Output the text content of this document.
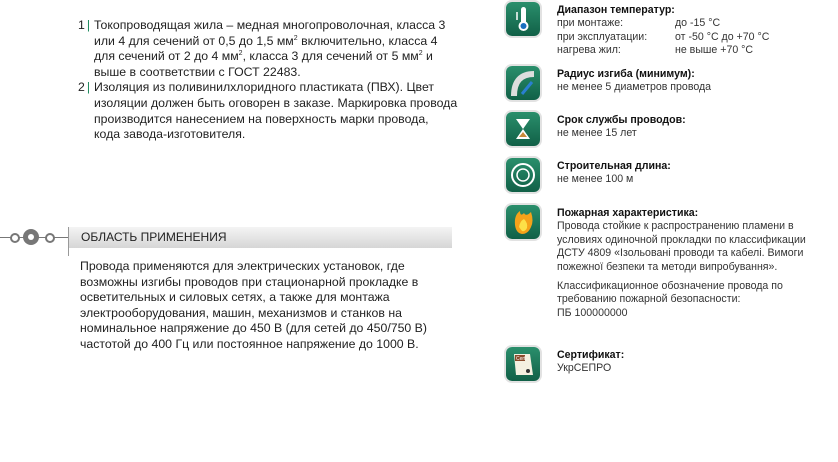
1 | Токопроводящая жила – медная многопроволочная, класса 3 или 4 для сечений от 0,5 до 1,5 $мм^2$ включительно, класса 4 для сечений от 2 до 4 $мм^2$, класса 3 для сечений от 5 $мм^2$ и выше в соответствии с ГОСТ 22483.
2 | Изоляция из поливинилхлоридного пластиката (ПВХ). Цвет изоляции должен быть оговорен в заказе. Маркировка провода производится нанесением на поверхность марки провода, кода завода-изготовителя.
ОБЛАСТЬ ПРИМЕНЕНИЯ
Провода применяются для электрических установок, где возможны изгибы проводов при стационарной прокладке в осветительных и силовых сетях, а также для монтажа электрооборудования, машин, механизмов и станков на номинальное напряжение до 450 В (для сетей до 450/750 В) частотой до 400 Гц или постоянное напряжение до 1000 В.
Диапазон температур:
при монтаже:	до -15 °С
при эксплуатации:	от -50 °С до +70 °С
нагрева жил:	не выше +70 °С
Радиус изгиба (минимум):
не менее 5 диаметров провода
Срок службы проводов:
не менее 15 лет
Строительная длина:
не менее 100 м
Пожарная характеристика:
Провода стойкие к распространению пламени в условиях одиночной прокладки по классификации ДСТУ 4809 «Ізольовані проводи та кабелі. Вимоги пожежної безпеки та методи випробування».
Классификационное обозначение провода по требованию пожарной безопасности:
ПБ 100000000
Cert	Сертификат:
УкрСЕПРО
